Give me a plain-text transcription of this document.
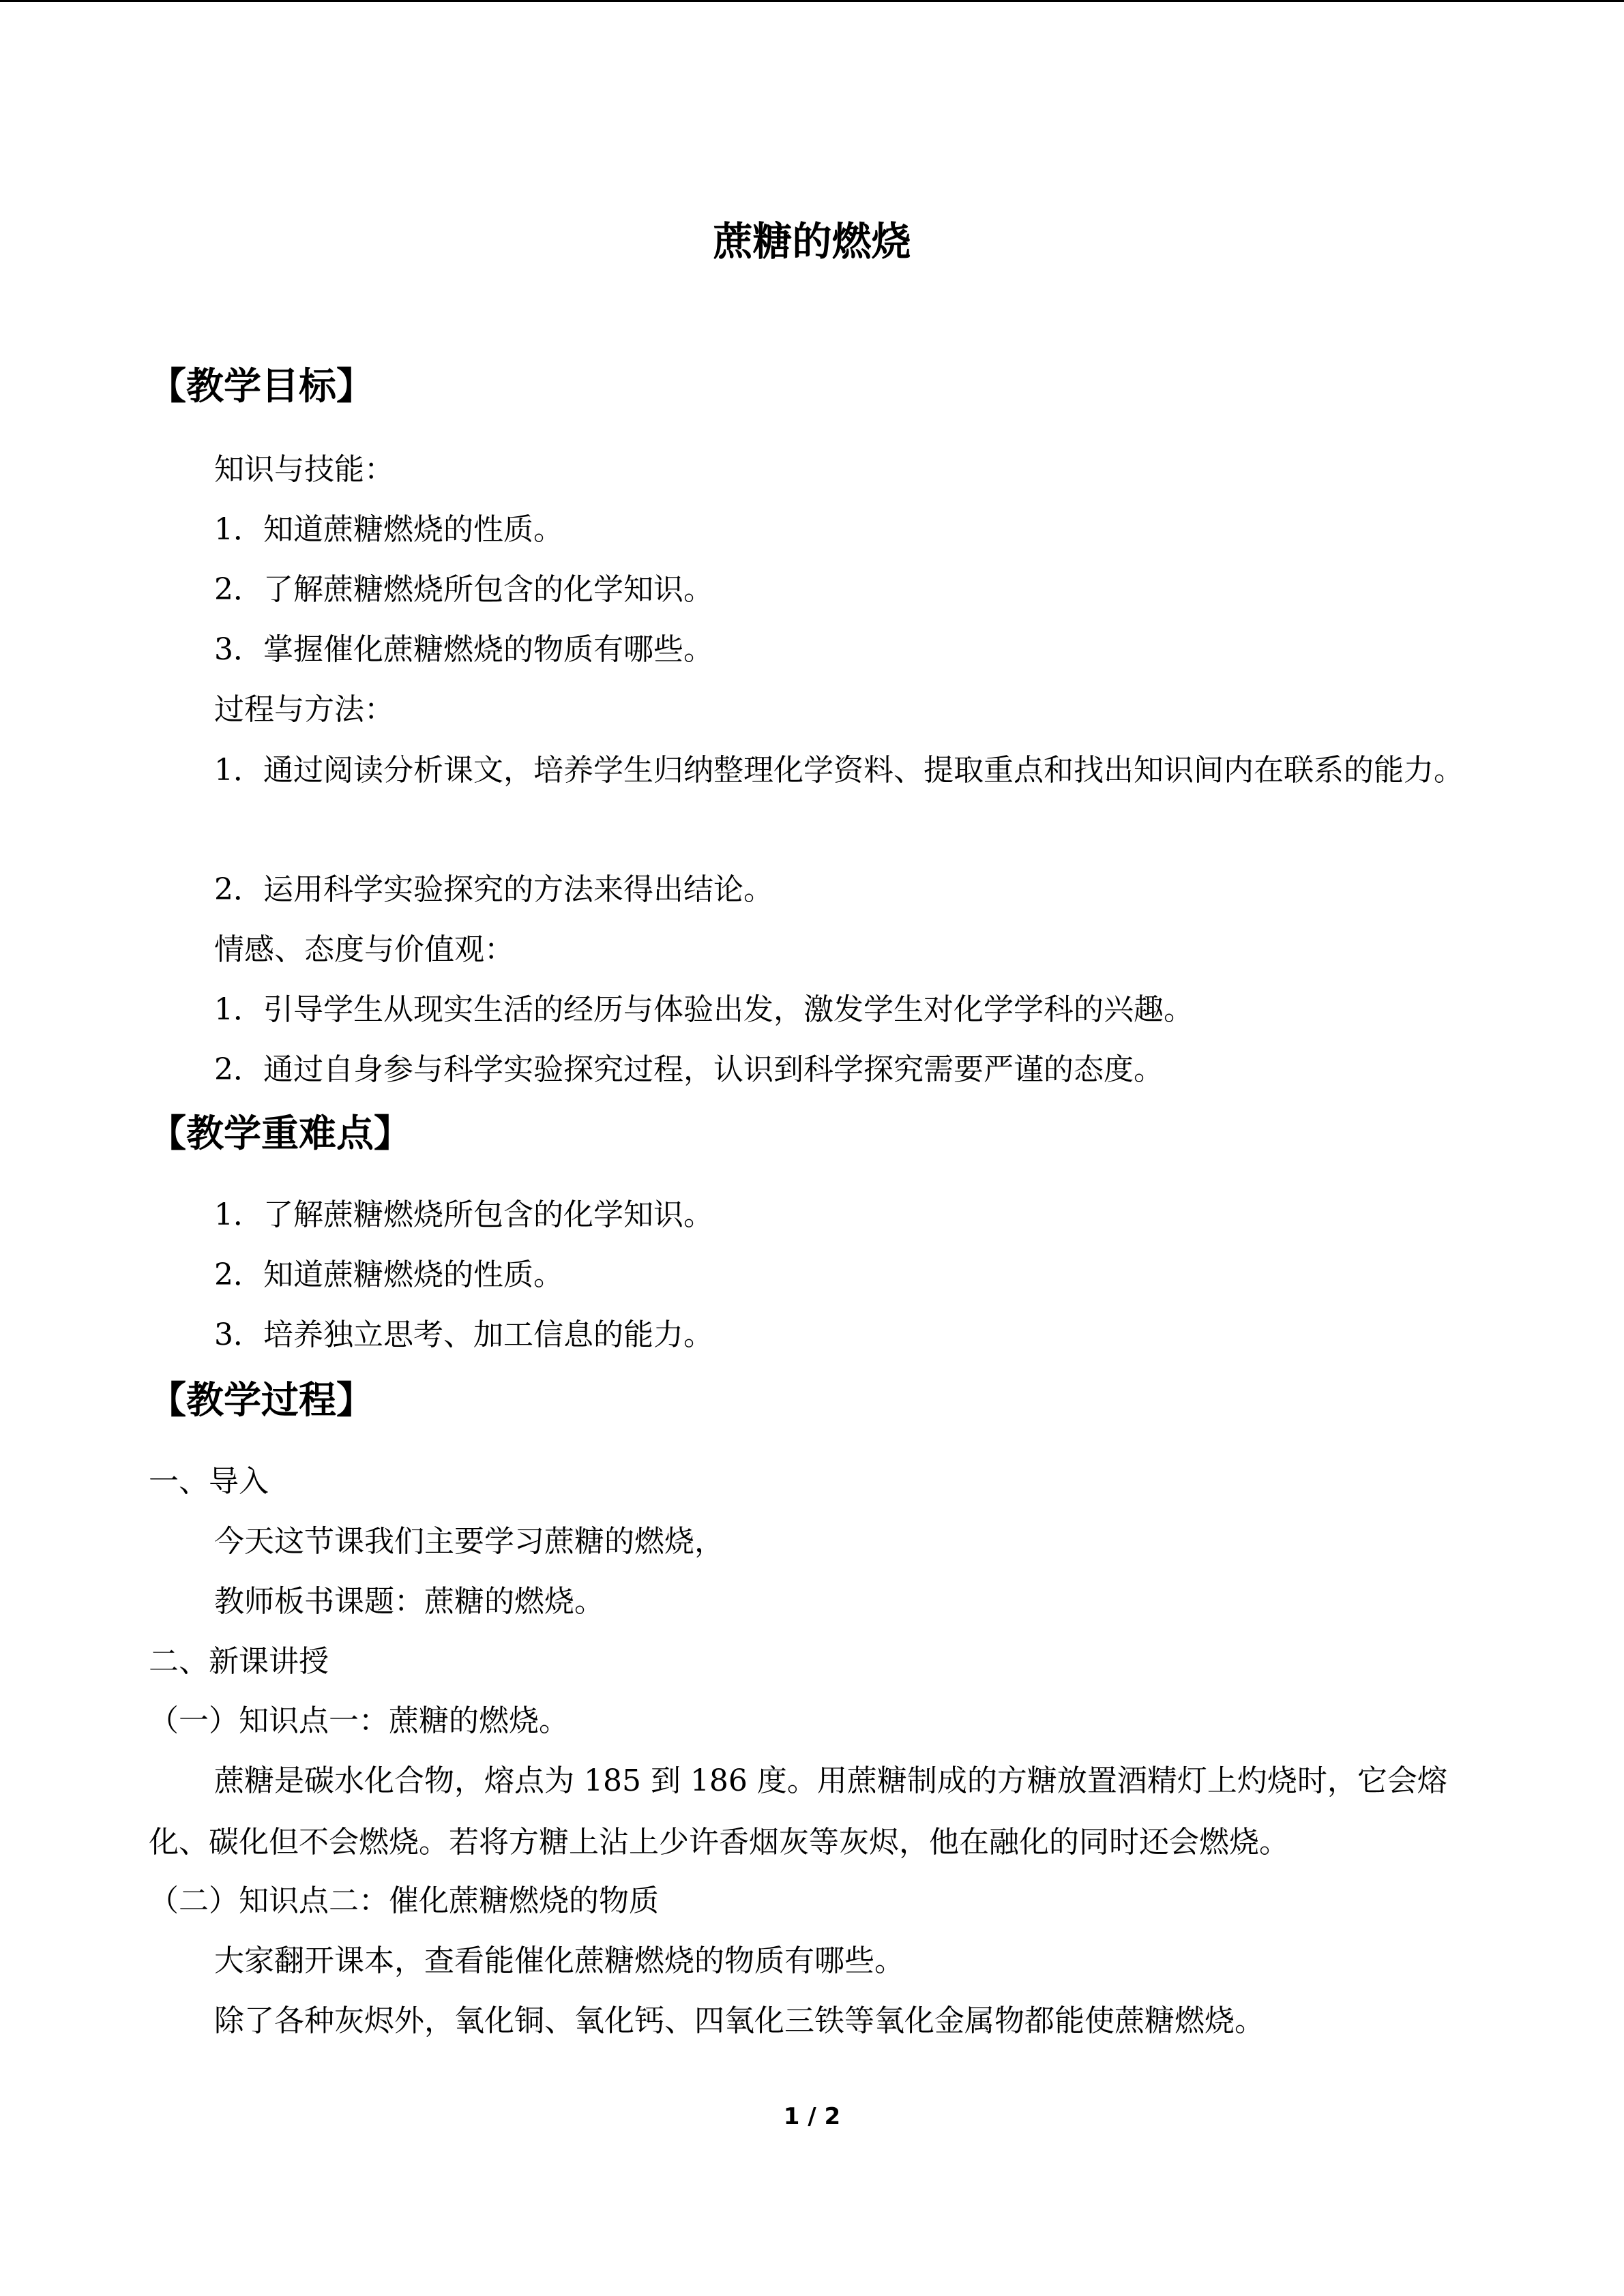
蔗糖的燃烧
【教学目标】
知识与技能：
1．知道蔗糖燃烧的性质。
2．了解蔗糖燃烧所包含的化学知识。
3．掌握催化蔗糖燃烧的物质有哪些。
过程与方法：
1．通过阅读分析课文，培养学生归纳整理化学资料、提取重点和找出知识间内在联系的能力。
2．运用科学实验探究的方法来得出结论。
情感、态度与价值观：
1．引导学生从现实生活的经历与体验出发，激发学生对化学学科的兴趣。
2．通过自身参与科学实验探究过程，认识到科学探究需要严谨的态度。
【教学重难点】
1．了解蔗糖燃烧所包含的化学知识。
2．知道蔗糖燃烧的性质。
3．培养独立思考、加工信息的能力。
【教学过程】
一、导入
今天这节课我们主要学习蔗糖的燃烧，
教师板书课题：蔗糖的燃烧。
二、新课讲授
（一）知识点一：蔗糖的燃烧。
蔗糖是碳水化合物，熔点为 185 到 186 度。用蔗糖制成的方糖放置酒精灯上灼烧时，它会熔化、碳化但不会燃烧。若将方糖上沾上少许香烟灰等灰烬，他在融化的同时还会燃烧。
（二）知识点二：催化蔗糖燃烧的物质
大家翻开课本，查看能催化蔗糖燃烧的物质有哪些。
除了各种灰烬外，氧化铜、氧化钙、四氧化三铁等氧化金属物都能使蔗糖燃烧。
1 / 2
